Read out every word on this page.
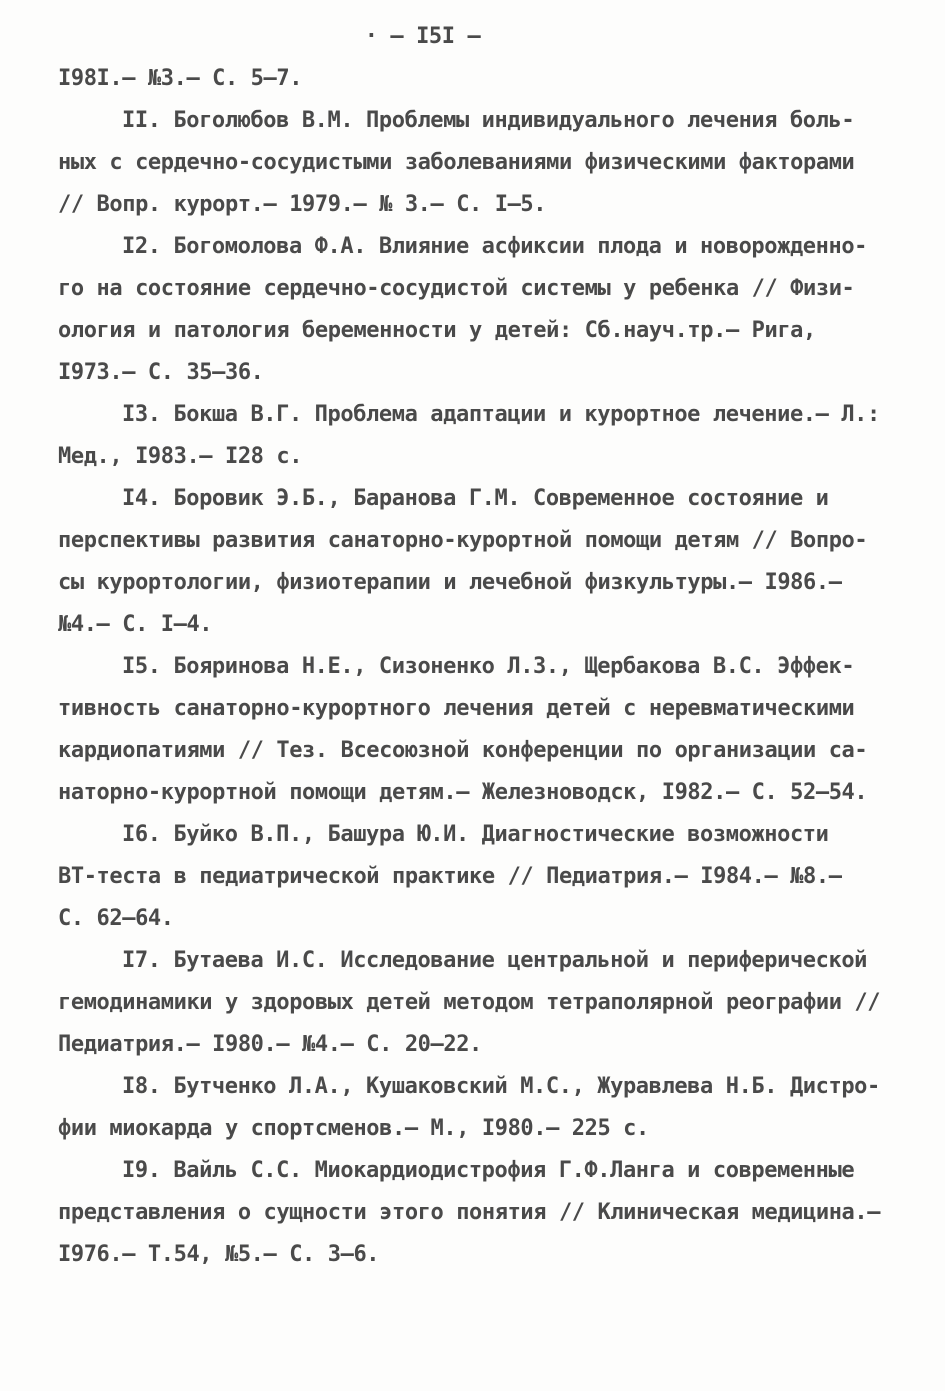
· – I5I –
I98I.– №3.– С. 5–7.
II. Боголюбов В.М. Проблемы индивидуального лечения боль-
ных с сердечно-сосудистыми заболеваниями физическими факторами
// Вопр. курорт.– 1979.– № 3.– С. I–5.
I2. Богомолова Ф.А. Влияние асфиксии плода и новорожденно-
го на состояние сердечно-сосудистой системы у ребенка // Физи-
ология и патология беременности у детей: Сб.науч.тр.– Рига,
I973.– С. 35–36.
I3. Бокша В.Г. Проблема адаптации и курортное лечение.– Л.:
Мед., I983.– I28 с.
I4. Боровик Э.Б., Баранова Г.М. Современное состояние и
перспективы развития санаторно-курортной помощи детям // Вопро-
сы курортологии, физиотерапии и лечебной физкультуры.– I986.–
№4.– С. I–4.
I5. Бояринова Н.Е., Сизоненко Л.З., Щербакова В.С. Эффек-
тивность санаторно-курортного лечения детей с неревматическими
кардиопатиями // Тез. Всесоюзной конференции по организации са-
наторно-курортной помощи детям.– Железноводск, I982.– С. 52–54.
I6. Буйко В.П., Башура Ю.И. Диагностические возможности
ВТ-теста в педиатрической практике // Педиатрия.– I984.– №8.–
С. 62–64.
I7. Бутаева И.С. Исследование центральной и периферической
гемодинамики у здоровых детей методом тетраполярной реографии //
Педиатрия.– I980.– №4.– С. 20–22.
I8. Бутченко Л.А., Кушаковский М.С., Журавлева Н.Б. Дистро-
фии миокарда у спортсменов.– М., I980.– 225 с.
I9. Вайль С.С. Миокардиодистрофия Г.Ф.Ланга и современные
представления о сущности этого понятия // Клиническая медицина.–
I976.– Т.54, №5.– С. 3–6.
